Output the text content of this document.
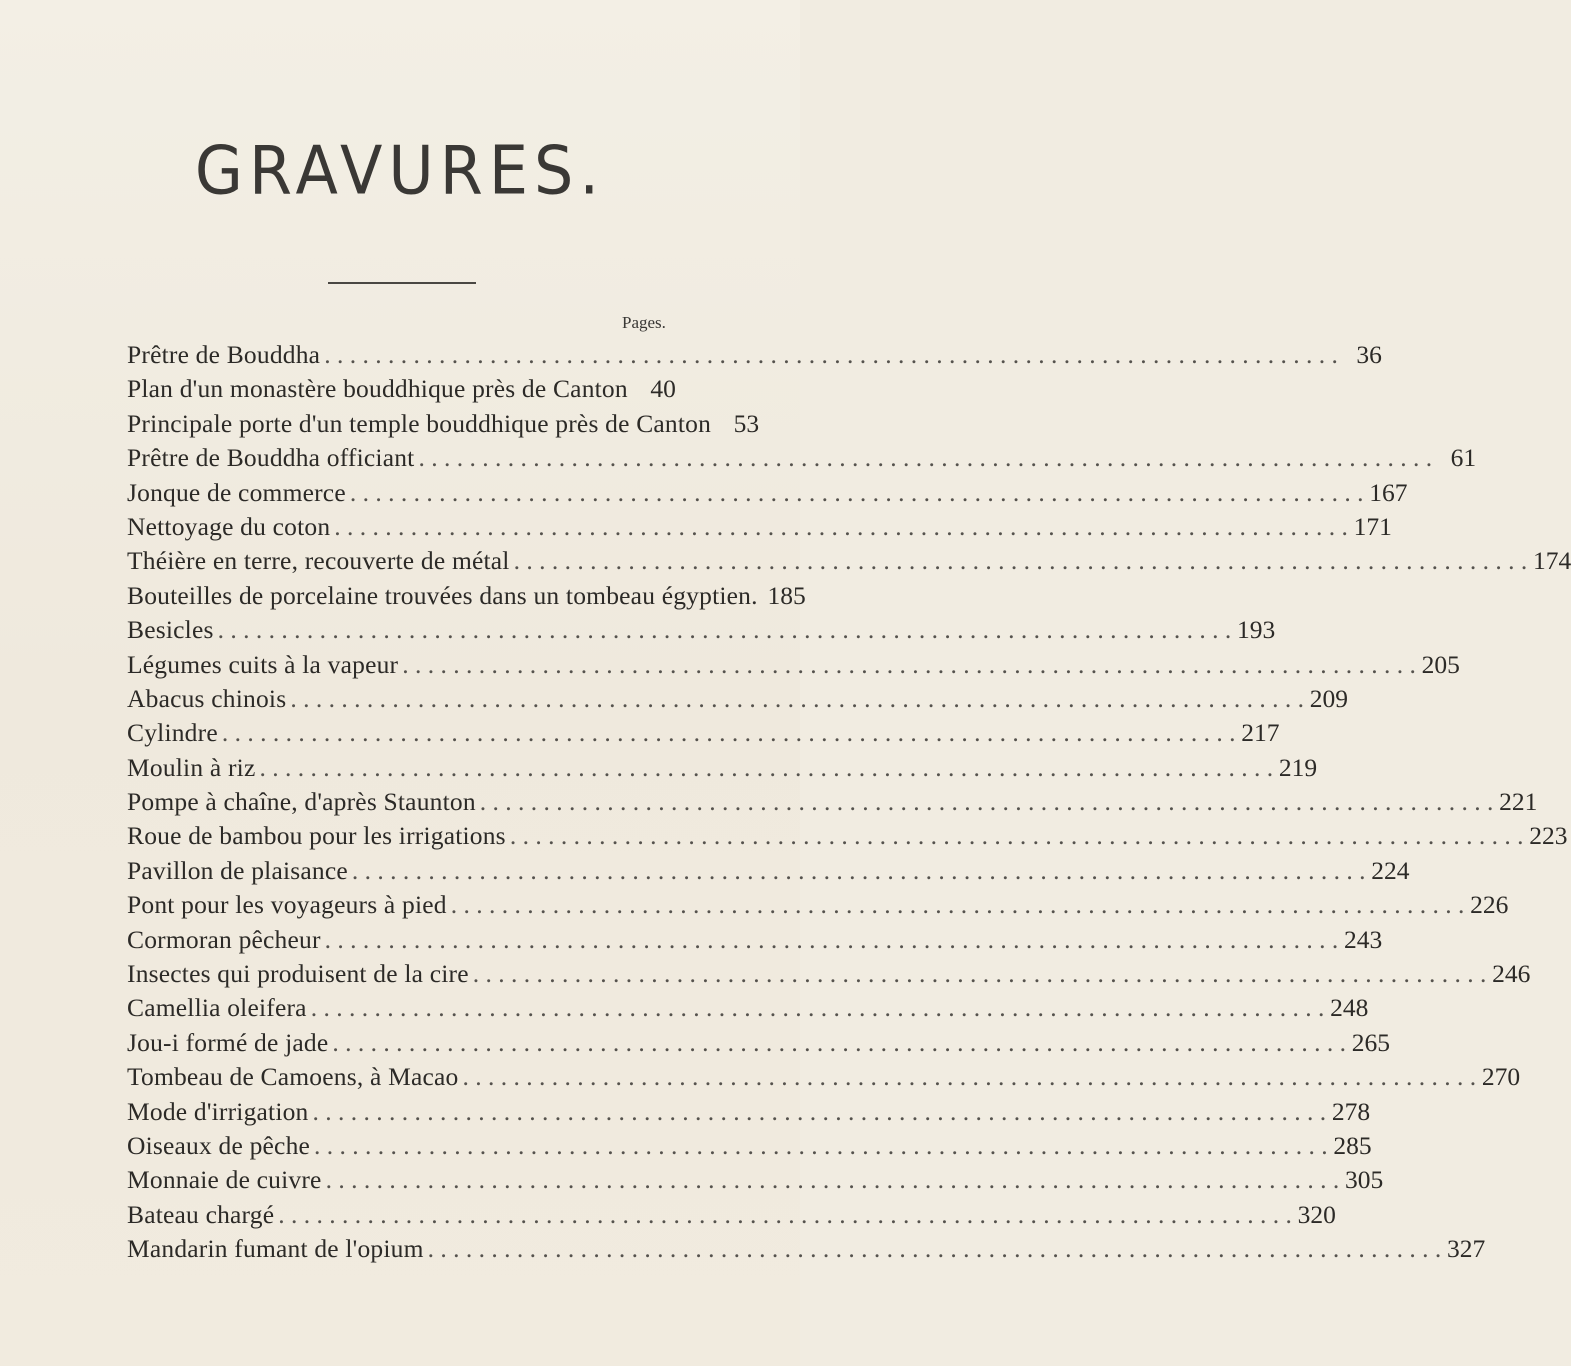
GRAVURES.
Pages.
Prêtre de Bouddha . . .	36
Plan d'un monastère bouddhique près de Canton 40
Principale porte d'un temple bouddhique près de Canton 53
Prêtre de Bouddha officiant . . .	61
Jonque de commerce . . .	167
Nettoyage du coton . . .	171
Théière en terre, recouverte de métal . . .	174
Bouteilles de porcelaine trouvées dans un tombeau égyptien. 185
Besicles . . .	193
Légumes cuits à la vapeur . . .	205
Abacus chinois . . .	209
Cylindre . . .	217
Moulin à riz . . .	219
Pompe à chaîne, d'après Staunton . . .	221
Roue de bambou pour les irrigations . . .	223
Pavillon de plaisance . . .	224
Pont pour les voyageurs à pied . . .	226
Cormoran pêcheur . . .	243
Insectes qui produisent de la cire . . .	246
Camellia oleifera . . .	248
Jou-i formé de jade . . .	265
Tombeau de Camoens, à Macao . . .	270
Mode d'irrigation . . .	278
Oiseaux de pêche . . .	285
Monnaie de cuivre . . .	305
Bateau chargé . . .	320
Mandarin fumant de l'opium . . .	327
